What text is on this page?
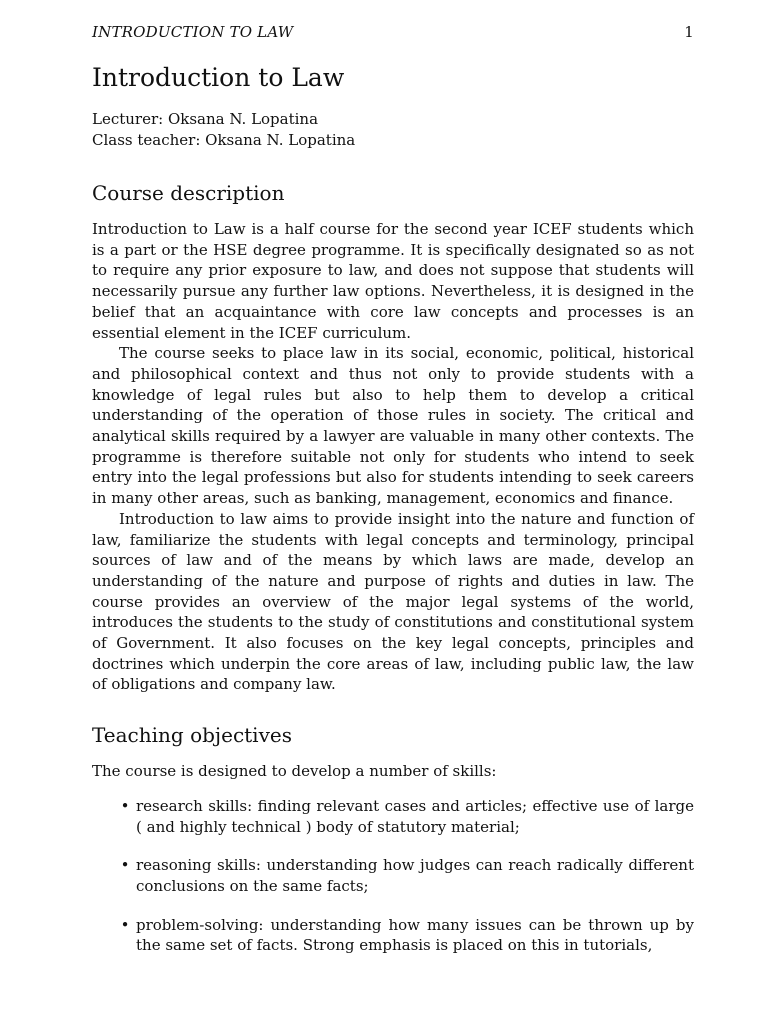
INTRODUCTION TO LAW	1
Introduction to Law
Lecturer: Oksana N. Lopatina
Class teacher: Oksana N. Lopatina
Course description

Introduction to Law is a half course for the second year ICEF students which is a part or the HSE degree programme. It is specifically designated so as not to require any prior exposure to law, and does not suppose that students will necessarily pursue any further law options. Nevertheless, it is designed in the belief that an acquaintance with core law concepts and processes is an essential element in the ICEF curriculum.

The course seeks to place law in its social, economic, political, historical and philosophical context and thus not only to provide students with a knowledge of legal rules but also to help them to develop a critical understanding of the operation of those rules in society. The critical and analytical skills required by a lawyer are valuable in many other contexts. The programme is therefore suitable not only for students who intend to seek entry into the legal professions but also for students intending to seek careers in many other areas, such as banking, management, economics and finance.

Introduction to law aims to provide insight into the nature and function of law, familiarize the students with legal concepts and terminology, principal sources of law and of the means by which laws are made, develop an understanding of the nature and purpose of rights and duties in law. The course provides an overview of the major legal systems of the world, introduces the students to the study of constitutions and constitutional system of Government. It also focuses on the key legal concepts, principles and doctrines which underpin the core areas of law, including public law, the law of obligations and company law.

Teaching objectives

The course is designed to develop a number of skills:

• research skills: finding relevant cases and articles; effective use of large ( and highly technical ) body of statutory material;
• reasoning skills: understanding how judges can reach radically different conclusions on the same facts;
• problem-solving: understanding how many issues can be thrown up by the same set of facts. Strong emphasis is placed on this in tutorials,
